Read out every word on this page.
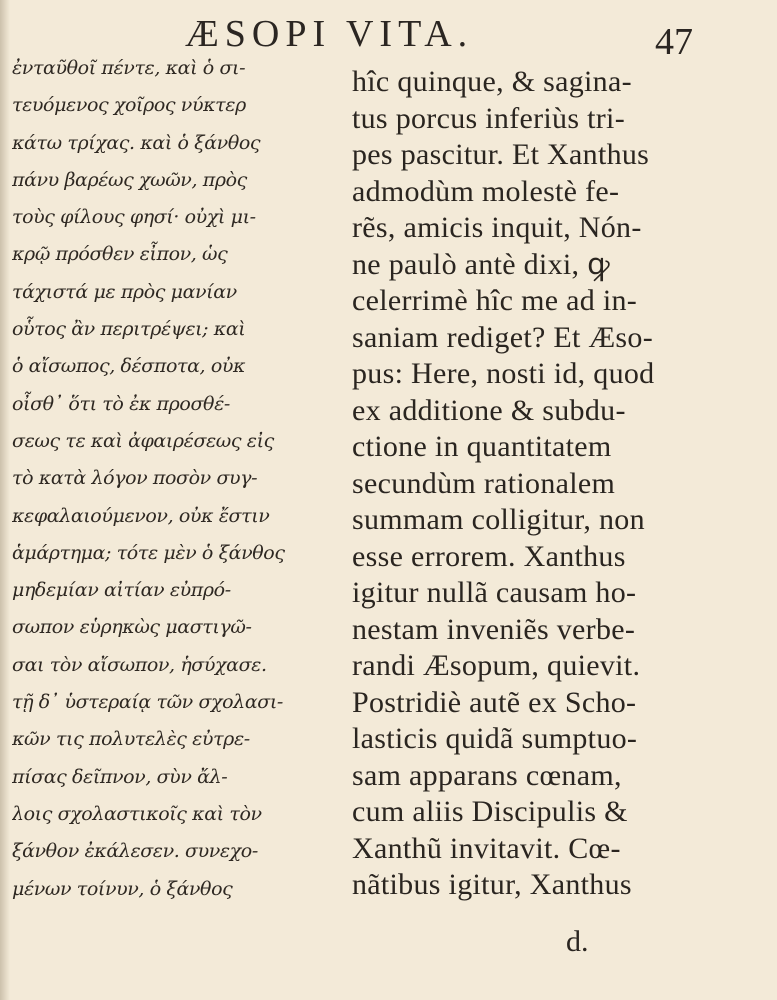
ÆSOPI VITA.	47
ἐνταῦθοῖ πέντε, καὶ ὁ σι-
τευόμενος χοῖρος νύκτερ
κάτω τρίχας. καὶ ὁ ξάνθος
πάνυ βαρέως χωῶν, πρὸς
τοὺς φίλους φησί· οὐχὶ μι-
κρῷ πρόσθεν εἶπον, ὡς
τάχιστά με πρὸς μανίαν
οὗτος ἂν περιτρέψει; καὶ
ὁ αἴσωπος, δέσποτα, οὐκ
οἶσθ᾽ ὅτι τὸ ἐκ προσθέ-
σεως τε καὶ ἀφαιρέσεως εἰς
τὸ κατὰ λόγον ποσὸν συγ-
κεφαλαιούμενον, οὐκ ἔστιν
ἁμάρτημα; τότε μὲν ὁ ξάνθος
μηδεμίαν αἰτίαν εὐπρό-
σωπον εὑρηκὼς μαστιγῶ-
σαι τὸν αἴσωπον, ἡσύχασε.
τῇ δ᾽ ὑστεραίᾳ τῶν σχολασι-
κῶν τις πολυτελὲς εὐτρε-
πίσας δεῖπνον, σὺν ἄλ-
λοις σχολαστικοῖς καὶ τὸν
ξάνθον ἐκάλεσεν. συνεχο-
μένων τοίνυν, ὁ ξάνθος
hîc quinque, & sagina-
tus porcus inferiùs tri-
pes pascitur. Et Xanthus
admodùm molestè fe-
rẽs, amicis inquit, Nón-
ne paulò antè dixi, ꝙ
celerrimè hîc me ad in-
saniam rediget? Et Æso-
pus: Here, nosti id, quod
ex additione & subdu-
ctione in quantitatem
secundùm rationalem
summam colligitur, non
esse errorem. Xanthus
igitur nullã causam ho-
nestam inveniẽs verbe-
randi Æsopum, quievit.
Postridiè autẽ ex Scho-
lasticis quidã sumptuo-
sam apparans cœnam,
cum aliis Discipulis &
Xanthũ invitavit. Cœ-
nãtibus igitur, Xanthus
d.
